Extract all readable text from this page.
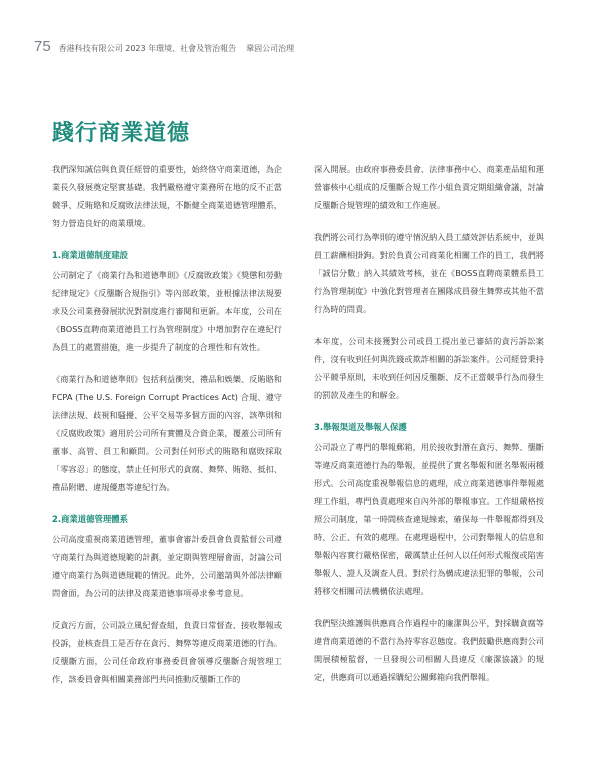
75 香港科技有限公司 2023 年環境、社會及管治報告 鞏固公司治理
踐行商業道德

我們深知誠信與負責任經營的重要性，始終恪守商業道德，為企業長久發展奠定堅實基礎。我們嚴格遵守業務所在地的反不正當競爭、反賄賂和反腐敗法律法規，不斷健全商業道德管理體系，努力營造良好的商業環境。

1.商業道德制度建設

公司制定了《商業行為和道德準則》《反腐敗政策》《獎懲和勞動紀律規定》《反壟斷合規指引》等內部政策，並根據法律法規要求及公司業務發展狀況對制度進行審閱和更新。本年度，公司在《BOSS直聘商業道德員工行為管理制度》中增加對存在違紀行為員工的處置措施，進一步提升了制度的合理性和有效性。

《商業行為和道德準則》包括利益衝突、禮品和娛樂、反賄賂和FCPA (The U.S. Foreign Corrupt Practices Act) 合規、遵守法律法規、歧視和騷擾、公平交易等多個方面的內容，該準則和《反腐敗政策》適用於公司所有實體及合資企業，覆蓋公司所有董事、高管、員工和顧問。公司對任何形式的賄賂和腐敗採取「零容忍」的態度，禁止任何形式的貪腐、舞弊、賄賂、抵扣、禮品附贈、違規優惠等違紀行為。

2.商業道德管理體系

公司高度重視商業道德管理，董事會審計委員會負責監督公司遵守商業行為與道德規範的計劃，並定期與管理層會面，討論公司遵守商業行為與道德規範的情況。此外，公司邀請與外部法律顧問會面，為公司的法律及商業道德事項尋求參考意見。

反貪污方面，公司設立風紀督查組，負責日常督查、接收舉報或投訴，並核查員工是否存在貪污、舞弊等違反商業道德的行為。反壟斷方面，公司任命政府事務委員會領導反壟斷合規管理工作，該委員會與相關業務部門共同推動反壟斷工作的

深入開展。由政府事務委員會、法律事務中心、商業產品組和運營審核中心組成的反壟斷合規工作小組負責定期組織會議，討論反壟斷合規管理的績效和工作進展。

我們將公司行為準則的遵守情況納入員工績效評估系統中，並與員工薪酬相掛鉤。對於負責公司商業化相關工作的員工，我們將「誠信分數」納入其績效考核，並在《BOSS直聘商業體系員工行為管理制度》中強化對管理者在團隊成員發生舞弊或其他不當行為時的問責。

本年度，公司未接獲對公司或員工提出並已審結的貪污訴訟案件，沒有收到任何與洗錢或欺詐相關的訴訟案件。公司經營秉持公平競爭原則，未收到任何因反壟斷、反不正當競爭行為而發生的罰款及產生的和解金。

3.舉報渠道及舉報人保護

公司設立了專門的舉報郵箱，用於接收對潛在貪污、舞弊、壟斷等違反商業道德行為的舉報，並提供了實名舉報和匿名舉報兩種形式。公司高度重視舉報信息的處理，成立商業道德事件舉報處理工作組，專門負責處理來自內外部的舉報事宜。工作組嚴格按照公司制度，第一時間核查違規線索，確保每一件舉報都得到及時、公正、有效的處理。在處理過程中，公司對舉報人的信息和舉報內容實行嚴格保密，嚴厲禁止任何人以任何形式報復或陷害舉報人、證人及調查人員。對於行為構成違法犯罪的舉報，公司將移交相關司法機構依法處理。

我們堅決維護與供應商合作過程中的廉潔與公平，對採購貪腐等違背商業道德的不當行為持零容忍態度。我們鼓勵供應商對公司開展積極監督，一旦發現公司相關人員違反《廉潔協議》的規定，供應商可以通過採購紀公關郵箱向我們舉報。
